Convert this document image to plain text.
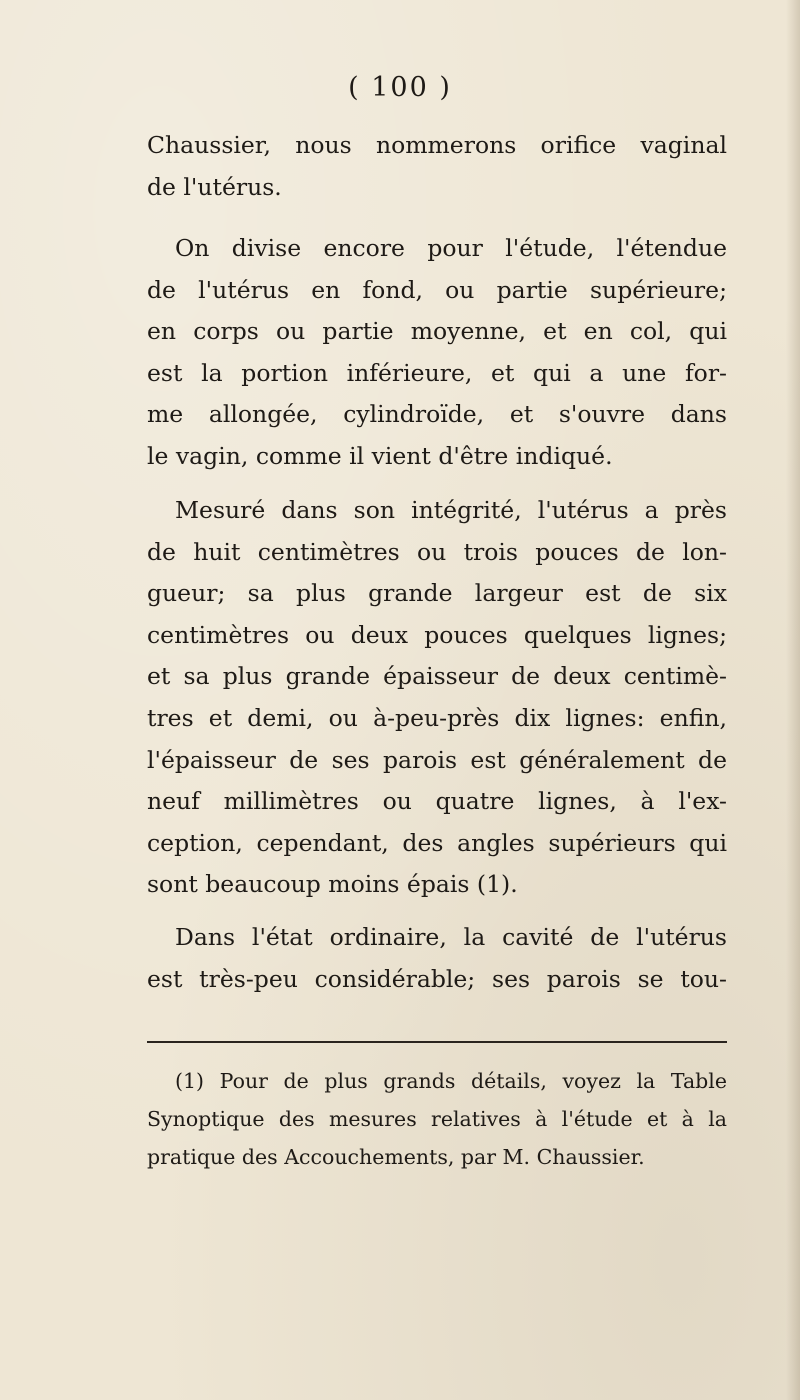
( 100 )
Chaussier, nous nommerons orifice vaginal
de l'utérus.
On divise encore pour l'étude, l'étendue
de l'utérus en fond, ou partie supérieure;
en corps ou partie moyenne, et en col, qui
est la portion inférieure, et qui a une for-
me allongée, cylindroïde, et s'ouvre dans
le vagin, comme il vient d'être indiqué.
Mesuré dans son intégrité, l'utérus a près
de huit centimètres ou trois pouces de lon-
gueur; sa plus grande largeur est de six
centimètres ou deux pouces quelques lignes;
et sa plus grande épaisseur de deux centimè-
tres et demi, ou à-peu-près dix lignes: enfin,
l'épaisseur de ses parois est généralement de
neuf millimètres ou quatre lignes, à l'ex-
ception, cependant, des angles supérieurs qui
sont beaucoup moins épais (1).
Dans l'état ordinaire, la cavité de l'utérus
est très-peu considérable; ses parois se tou-
(1) Pour de plus grands détails, voyez la Table
Synoptique des mesures relatives à l'étude et à la
pratique des Accouchements, par M. Chaussier.
